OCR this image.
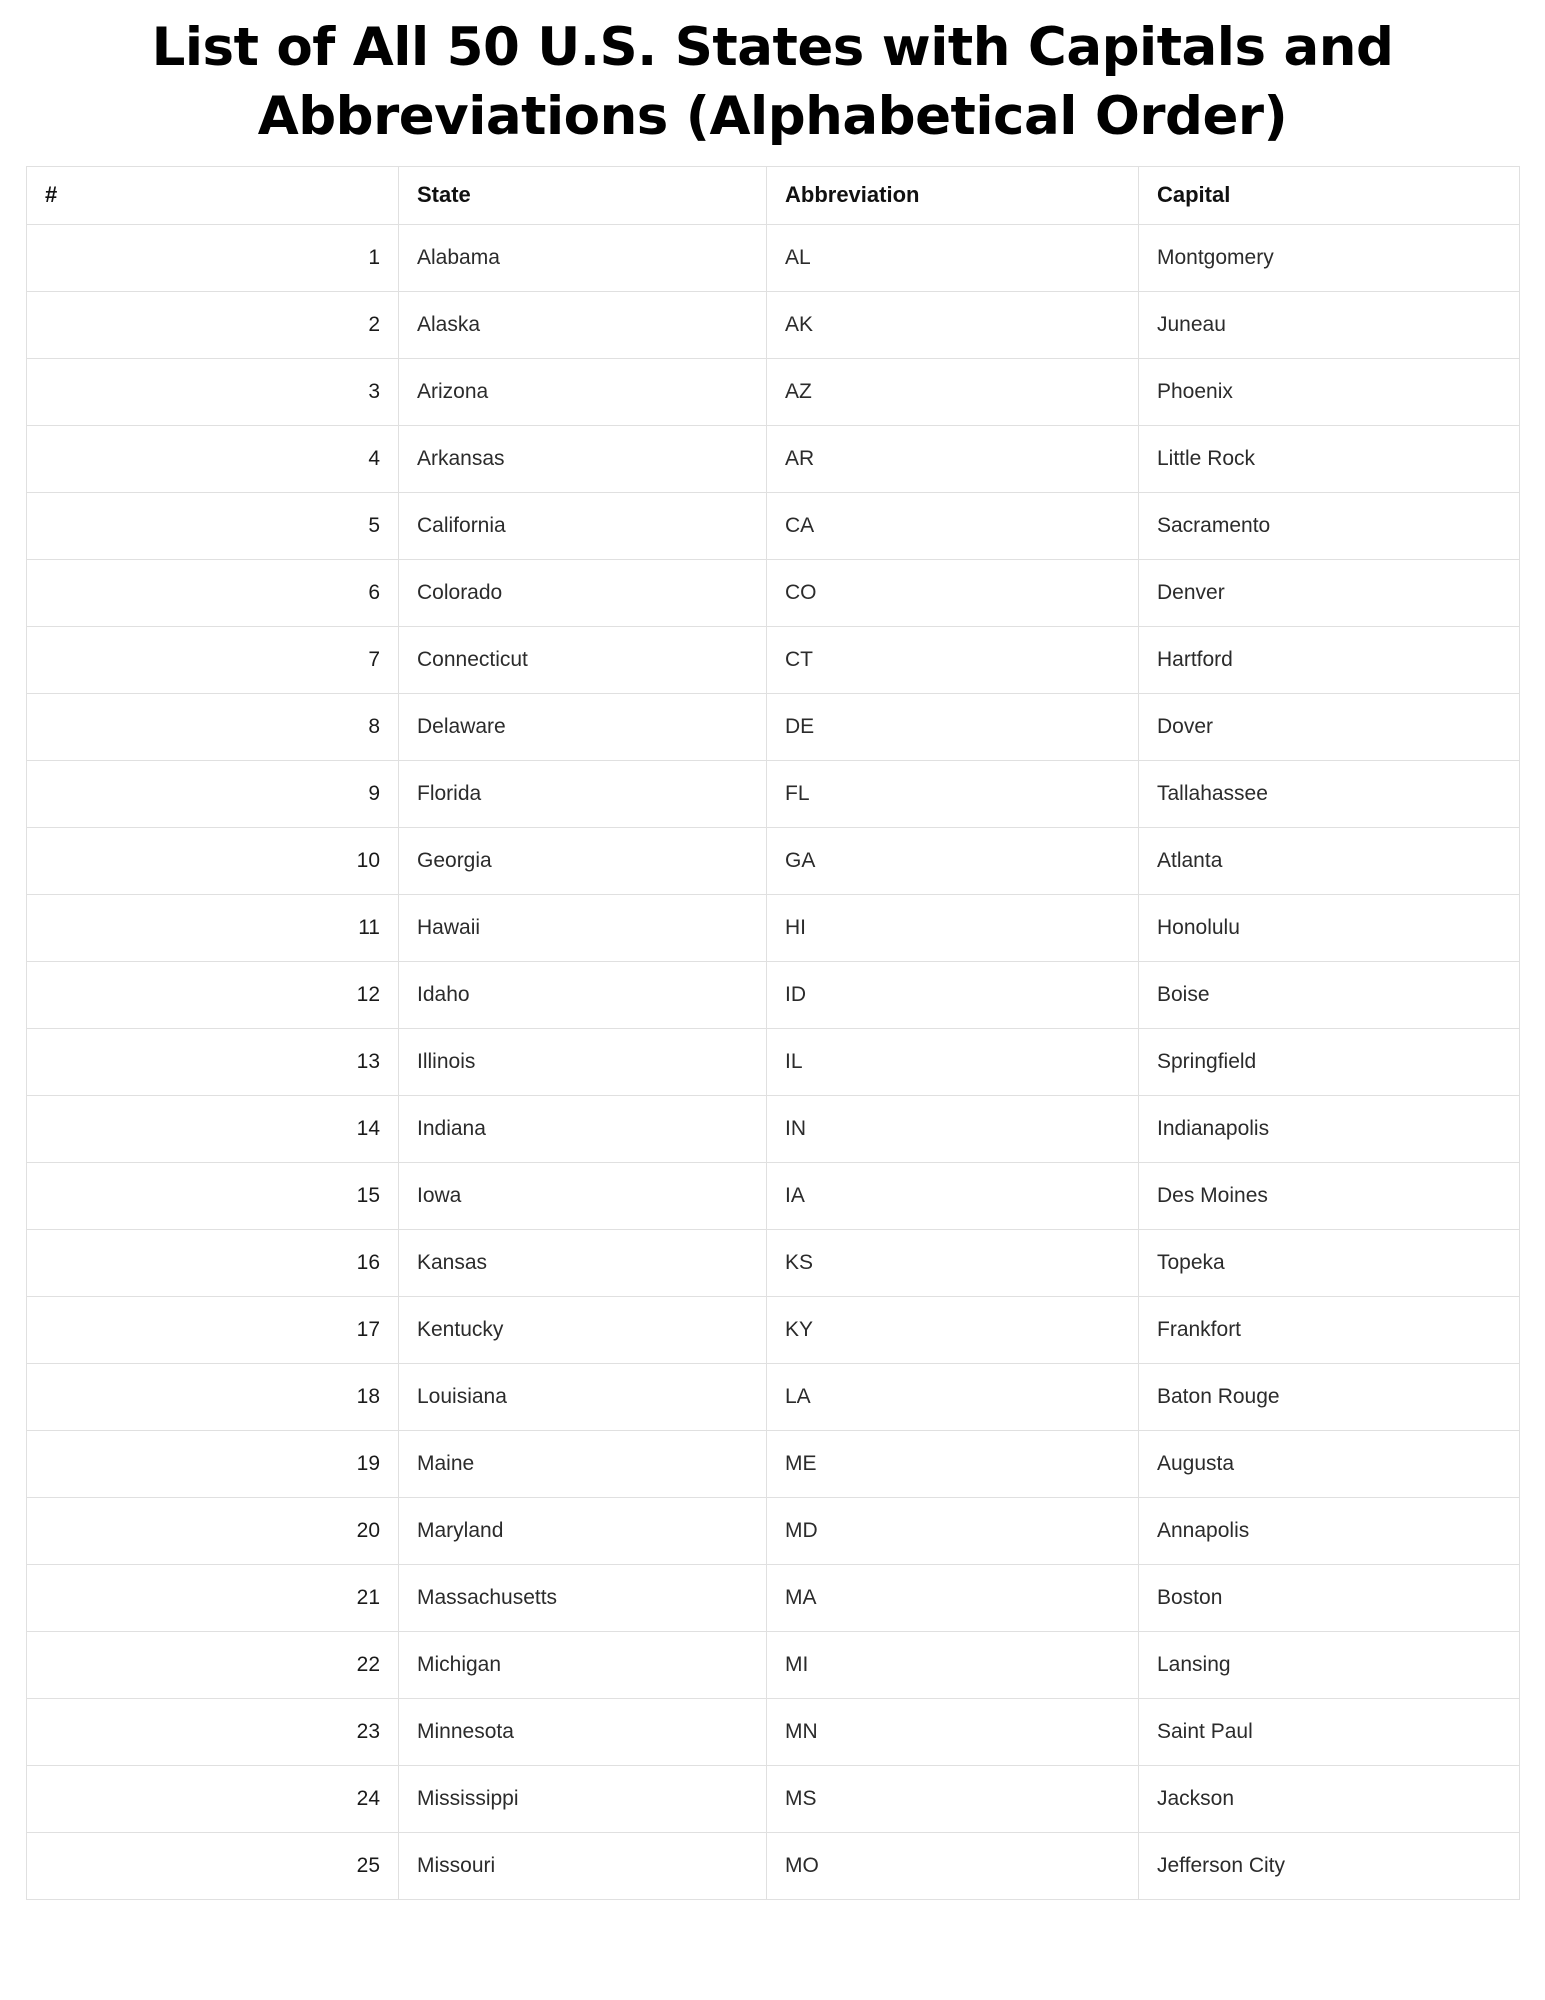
List of All 50 U.S. States with Capitals and Abbreviations (Alphabetical Order)
#	State	Abbreviation	Capital
1	Alabama	AL	Montgomery
2	Alaska	AK	Juneau
3	Arizona	AZ	Phoenix
4	Arkansas	AR	Little Rock
5	California	CA	Sacramento
6	Colorado	CO	Denver
7	Connecticut	CT	Hartford
8	Delaware	DE	Dover
9	Florida	FL	Tallahassee
10	Georgia	GA	Atlanta
11	Hawaii	HI	Honolulu
12	Idaho	ID	Boise
13	Illinois	IL	Springfield
14	Indiana	IN	Indianapolis
15	Iowa	IA	Des Moines
16	Kansas	KS	Topeka
17	Kentucky	KY	Frankfort
18	Louisiana	LA	Baton Rouge
19	Maine	ME	Augusta
20	Maryland	MD	Annapolis
21	Massachusetts	MA	Boston
22	Michigan	MI	Lansing
23	Minnesota	MN	Saint Paul
24	Mississippi	MS	Jackson
25	Missouri	MO	Jefferson City
